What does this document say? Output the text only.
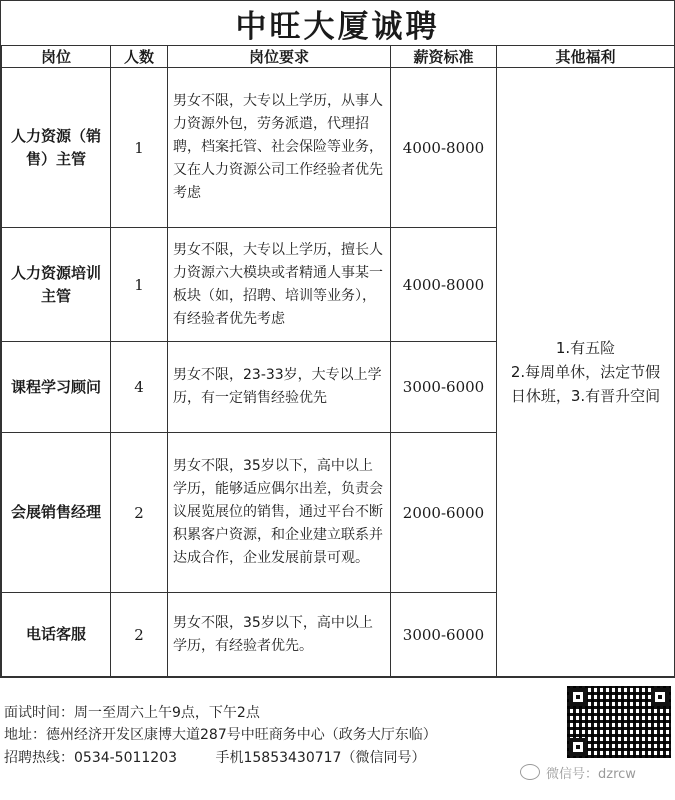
中旺大厦诚聘
岗位	人数	岗位要求	薪资标准	其他福利
人力资源（销售）主管	1	男女不限，大专以上学历，从事人力资源外包，劳务派遣，代理招聘，档案托管、社会保险等业务，又在人力资源公司工作经验者优先考虑	4000-8000	1.有五险
2.每周单休，法定节假日休班，3.有晋升空间

人力资源培训主管	1	男女不限，大专以上学历，擅长人力资源六大模块或者精通人事某一板块（如，招聘、培训等业务），有经验者优先考虑	4000-8000	
课程学习顾问	4	男女不限，23-33岁，大专以上学历，有一定销售经验优先	3000-6000	
会展销售经理	2	男女不限，35岁以下，高中以上学历，能够适应偶尔出差，负责会议展览展位的销售，通过平台不断积累客户资源，和企业建立联系并达成合作，企业发展前景可观。	2000-6000	
电话客服	2	男女不限，35岁以下，高中以上学历，有经验者优先。	3000-6000	
面试时间：周一至周六上午9点，下午2点
地址：德州经济开发区康博大道287号中旺商务中心（政务大厅东临）
招聘热线：0534-5011203	手机15853430717（微信同号）
微信号：dzrcw
